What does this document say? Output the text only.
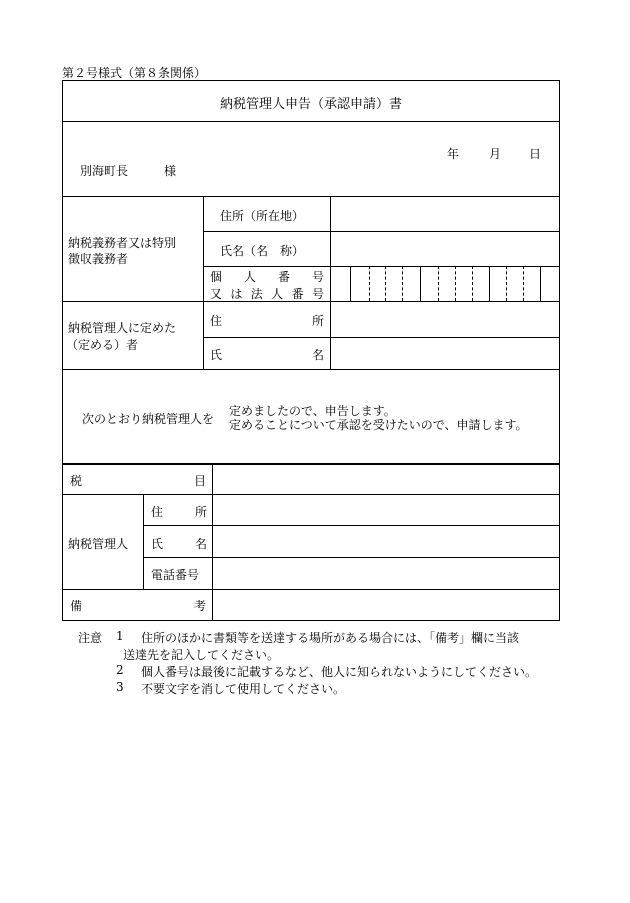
第２号様式（第８条関係）
納税管理人申告（承認申請）書
年 月 日
別海町長	様
納税義務者又は特別
徴収義務者
住所（所在地）
氏名（名　称）
個 人 番 号
又 は 法 人 番 号
納税管理人に定めた
（定める）者
住	所
氏	名
次のとおり納税管理人を
定めましたので、申告します。
定めることについて承認を受けたいので、申請します。
税	目
納税管理人
住	所
氏	名
電話番号
備	考
注意 1 住所のほかに書類等を送達する場所がある場合には、「備考」欄に当該
送達先を記入してください。
2 個人番号は最後に記載するなど、他人に知られないようにしてください。
3 不要文字を消して使用してください。
